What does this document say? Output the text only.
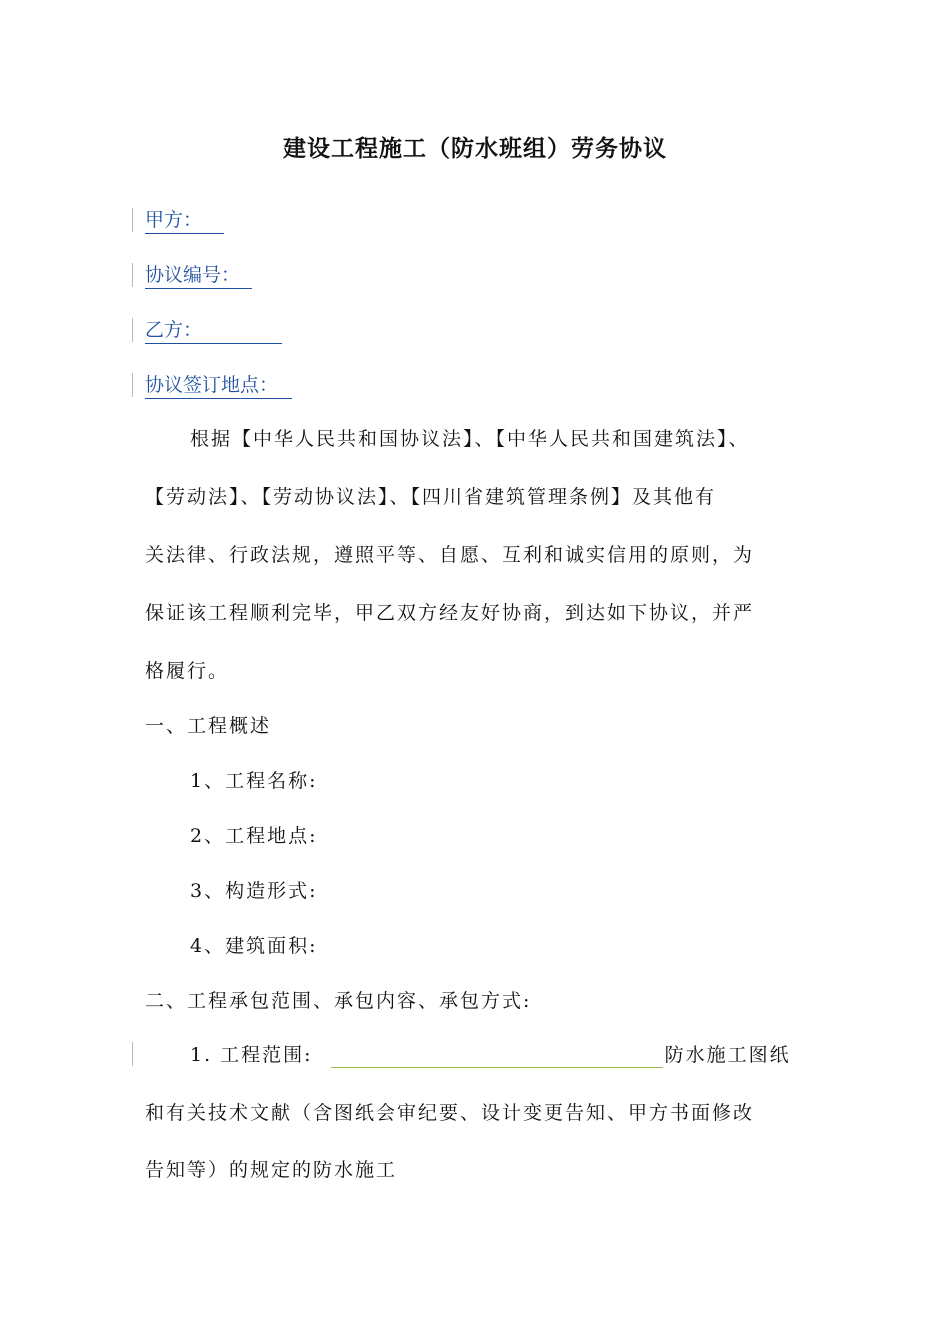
建设工程施工（防水班组）劳务协议
甲方：
协议编号：
乙方：
协议签订地点：
根据【中华人民共和国协议法】、【中华人民共和国建筑法】、
【劳动法】、【劳动协议法】、【四川省建筑管理条例】及其他有
关法律、行政法规，遵照平等、自愿、互利和诚实信用的原则，为
保证该工程顺利完毕，甲乙双方经友好协商，到达如下协议，并严
格履行。
一、工程概述
1、工程名称:
2、工程地点:
3、构造形式:
4、建筑面积:
二、工程承包范围、承包内容、承包方式:
1. 工程范围:	防水施工图纸
和有关技术文献（含图纸会审纪要、设计变更告知、甲方书面修改
告知等）的规定的防水施工
